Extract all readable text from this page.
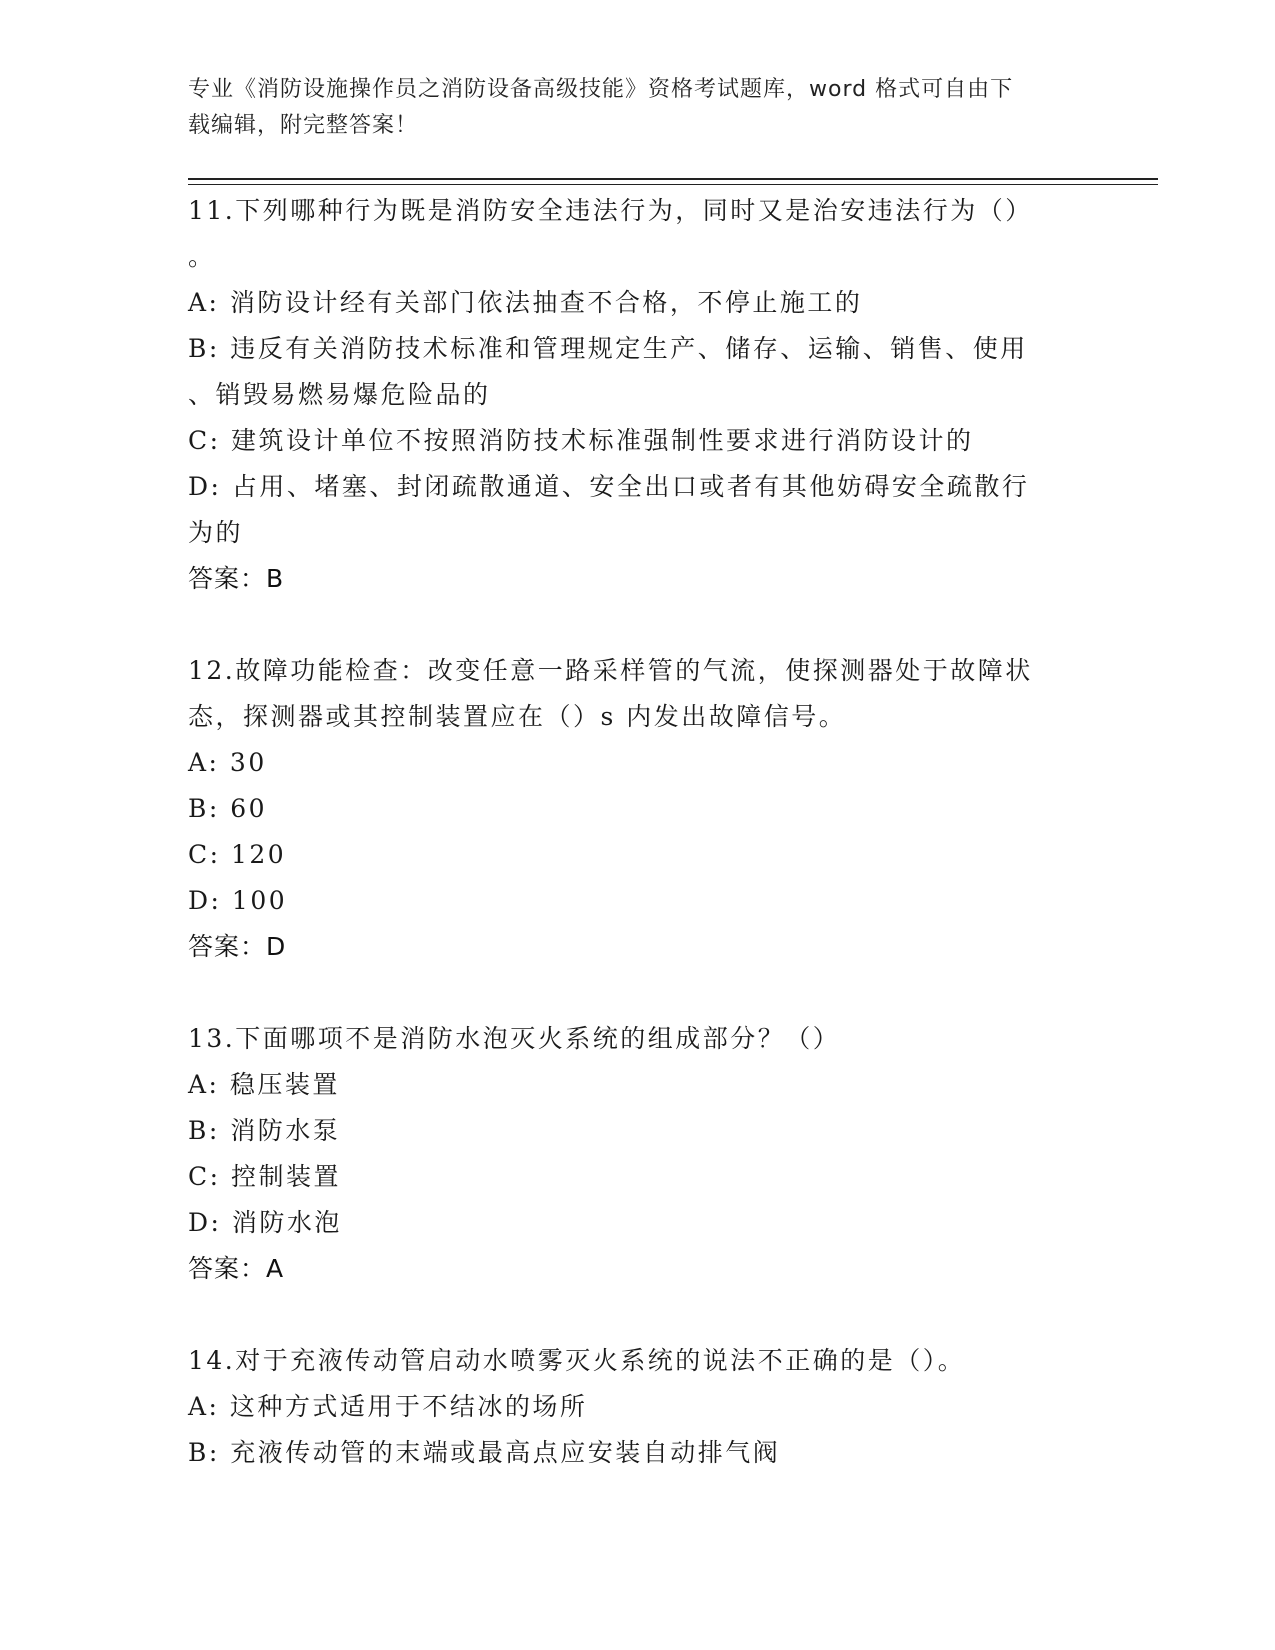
专业《消防设施操作员之消防设备高级技能》资格考试题库，word 格式可自由下
载编辑，附完整答案！
11.下列哪种行为既是消防安全违法行为，同时又是治安违法行为（）
。
A: 消防设计经有关部门依法抽查不合格，不停止施工的
B: 违反有关消防技术标准和管理规定生产、储存、运输、销售、使用
、销毁易燃易爆危险品的
C: 建筑设计单位不按照消防技术标准强制性要求进行消防设计的
D: 占用、堵塞、封闭疏散通道、安全出口或者有其他妨碍安全疏散行
为的
答案：B
12.故障功能检查：改变任意一路采样管的气流，使探测器处于故障状
态，探测器或其控制装置应在（）s 内发出故障信号。
A: 30
B: 60
C: 120
D: 100
答案：D
13.下面哪项不是消防水泡灭火系统的组成部分？（）
A: 稳压装置
B: 消防水泵
C: 控制装置
D: 消防水泡
答案：A
14.对于充液传动管启动水喷雾灭火系统的说法不正确的是（）。
A: 这种方式适用于不结冰的场所
B: 充液传动管的末端或最高点应安装自动排气阀
